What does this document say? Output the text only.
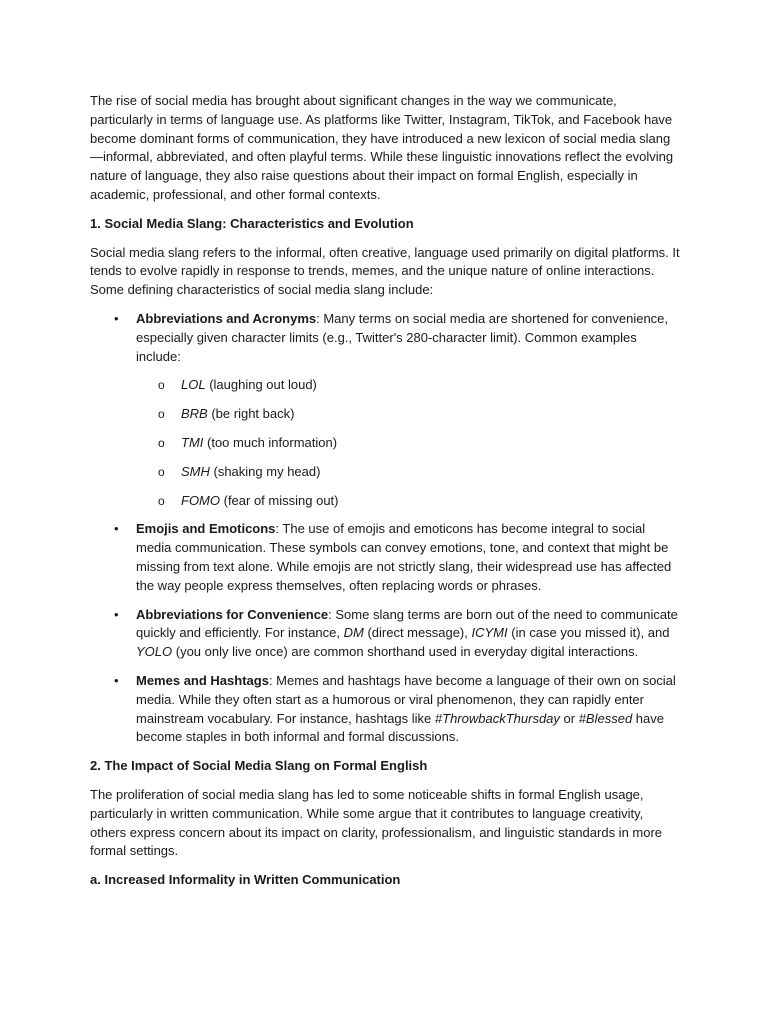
The rise of social media has brought about significant changes in the way we communicate, particularly in terms of language use. As platforms like Twitter, Instagram, TikTok, and Facebook have become dominant forms of communication, they have introduced a new lexicon of social media slang—informal, abbreviated, and often playful terms. While these linguistic innovations reflect the evolving nature of language, they also raise questions about their impact on formal English, especially in academic, professional, and other formal contexts.

1. Social Media Slang: Characteristics and Evolution

Social media slang refers to the informal, often creative, language used primarily on digital platforms. It tends to evolve rapidly in response to trends, memes, and the unique nature of online interactions. Some defining characteristics of social media slang include:

• Abbreviations and Acronyms: Many terms on social media are shortened for convenience, especially given character limits (e.g., Twitter's 280-character limit). Common examples include:
o LOL (laughing out loud)
o BRB (be right back)
o TMI (too much information)
o SMH (shaking my head)
o FOMO (fear of missing out)
• Emojis and Emoticons: The use of emojis and emoticons has become integral to social media communication. These symbols can convey emotions, tone, and context that might be missing from text alone. While emojis are not strictly slang, their widespread use has affected the way people express themselves, often replacing words or phrases.
• Abbreviations for Convenience: Some slang terms are born out of the need to communicate quickly and efficiently. For instance, DM (direct message), ICYMI (in case you missed it), and YOLO (you only live once) are common shorthand used in everyday digital interactions.
• Memes and Hashtags: Memes and hashtags have become a language of their own on social media. While they often start as a humorous or viral phenomenon, they can rapidly enter mainstream vocabulary. For instance, hashtags like #ThrowbackThursday or #Blessed have become staples in both informal and formal discussions.

2. The Impact of Social Media Slang on Formal English

The proliferation of social media slang has led to some noticeable shifts in formal English usage, particularly in written communication. While some argue that it contributes to language creativity, others express concern about its impact on clarity, professionalism, and linguistic standards in more formal settings.

a. Increased Informality in Written Communication
